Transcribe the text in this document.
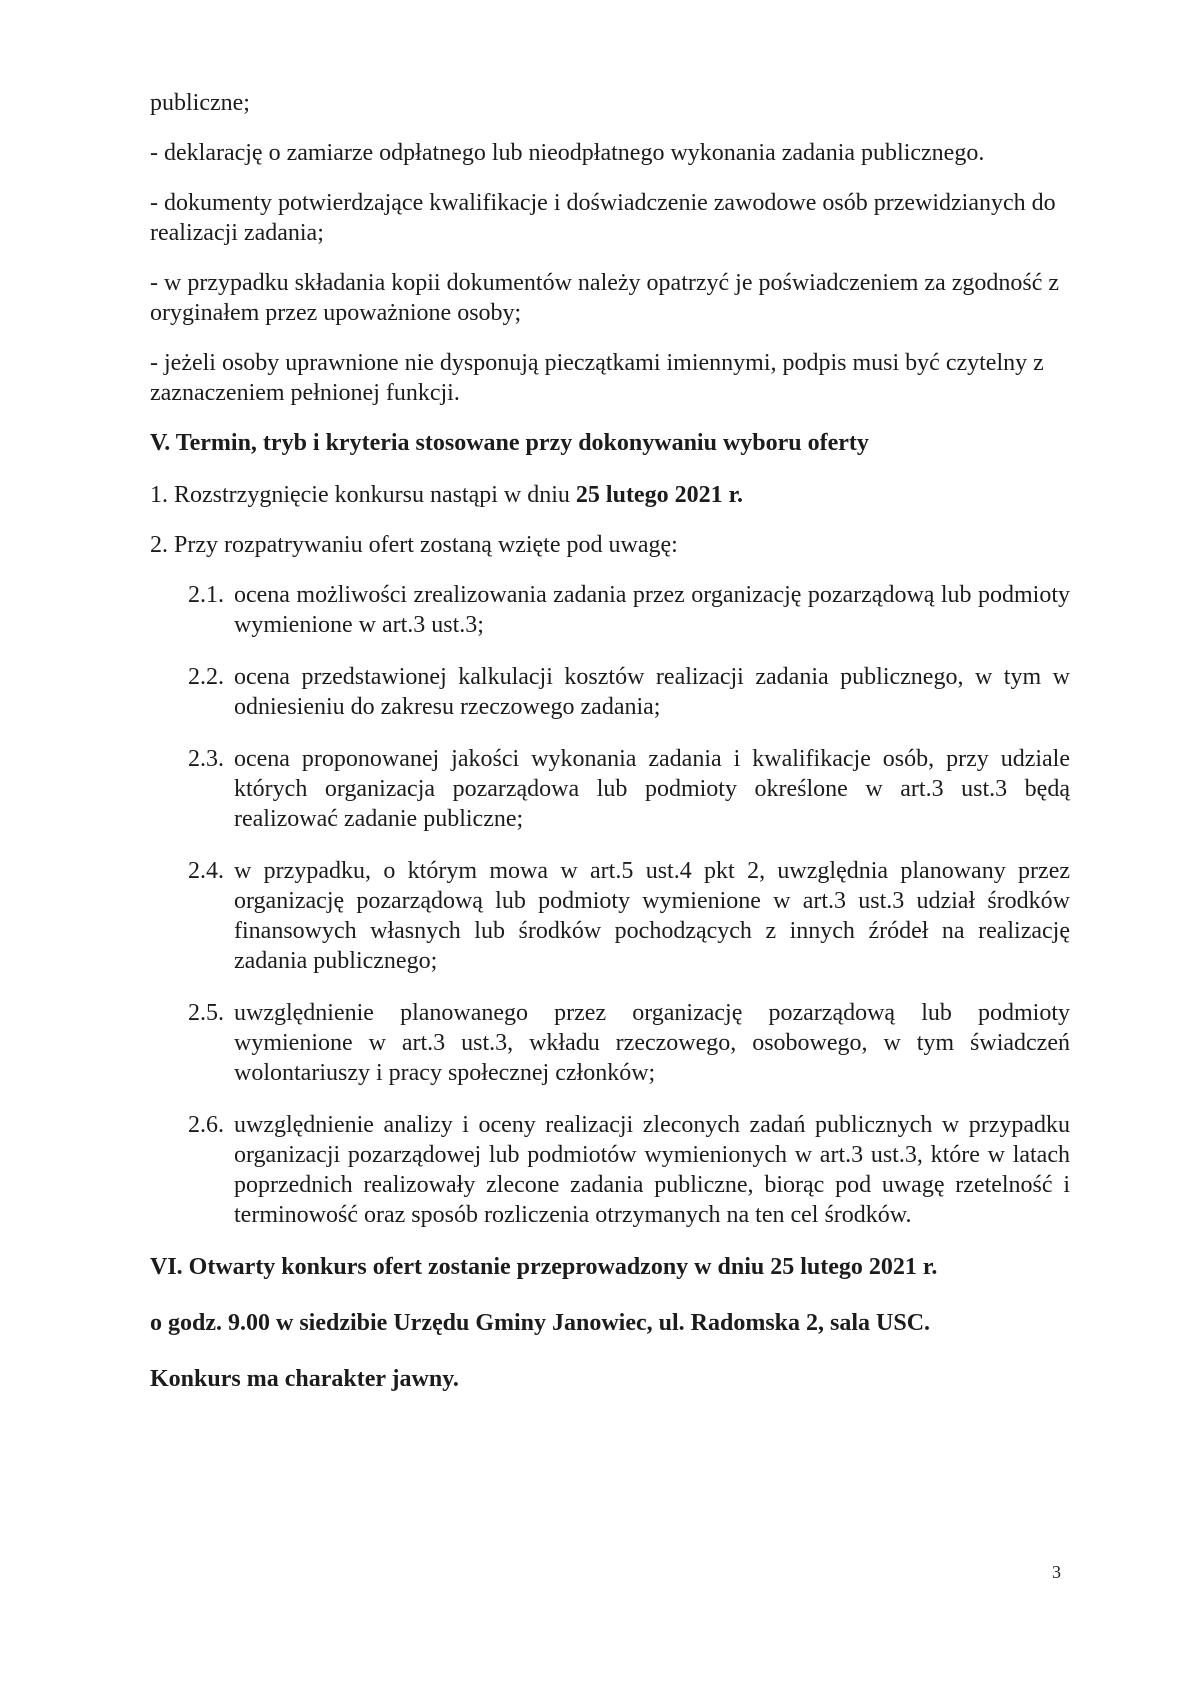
publiczne;

- deklarację o zamiarze odpłatnego lub nieodpłatnego wykonania zadania publicznego.

- dokumenty potwierdzające kwalifikacje i doświadczenie zawodowe osób przewidzianych do realizacji zadania;

- w przypadku składania kopii dokumentów należy opatrzyć je poświadczeniem za zgodność z oryginałem przez upoważnione osoby;

- jeżeli osoby uprawnione nie dysponują pieczątkami imiennymi, podpis musi być czytelny z zaznaczeniem pełnionej funkcji.

V. Termin, tryb i kryteria stosowane przy dokonywaniu wyboru oferty

1. Rozstrzygnięcie konkursu nastąpi w dniu 25 lutego 2021 r.

2. Przy rozpatrywaniu ofert zostaną wzięte pod uwagę:

2.1. ocena możliwości zrealizowania zadania przez organizację pozarządową lub podmioty wymienione w art.3 ust.3;
2.2. ocena przedstawionej kalkulacji kosztów realizacji zadania publicznego, w tym w odniesieniu do zakresu rzeczowego zadania;
2.3. ocena proponowanej jakości wykonania zadania i kwalifikacje osób, przy udziale których organizacja pozarządowa lub podmioty określone w art.3 ust.3 będą realizować zadanie publiczne;
2.4. w przypadku, o którym mowa w art.5 ust.4 pkt 2, uwzględnia planowany przez organizację pozarządową lub podmioty wymienione w art.3 ust.3 udział środków finansowych własnych lub środków pochodzących z innych źródeł na realizację zadania publicznego;
2.5. uwzględnienie planowanego przez organizację pozarządową lub podmioty wymienione w art.3 ust.3, wkładu rzeczowego, osobowego, w tym świadczeń wolontariuszy i pracy społecznej członków;
2.6. uwzględnienie analizy i oceny realizacji zleconych zadań publicznych w przypadku organizacji pozarządowej lub podmiotów wymienionych w art.3 ust.3, które w latach poprzednich realizowały zlecone zadania publiczne, biorąc pod uwagę rzetelność i terminowość oraz sposób rozliczenia otrzymanych na ten cel środków.

VI. Otwarty konkurs ofert zostanie przeprowadzony w dniu 25 lutego 2021 r.

o godz. 9.00 w siedzibie Urzędu Gminy Janowiec, ul. Radomska 2, sala USC.

Konkurs ma charakter jawny.

3
